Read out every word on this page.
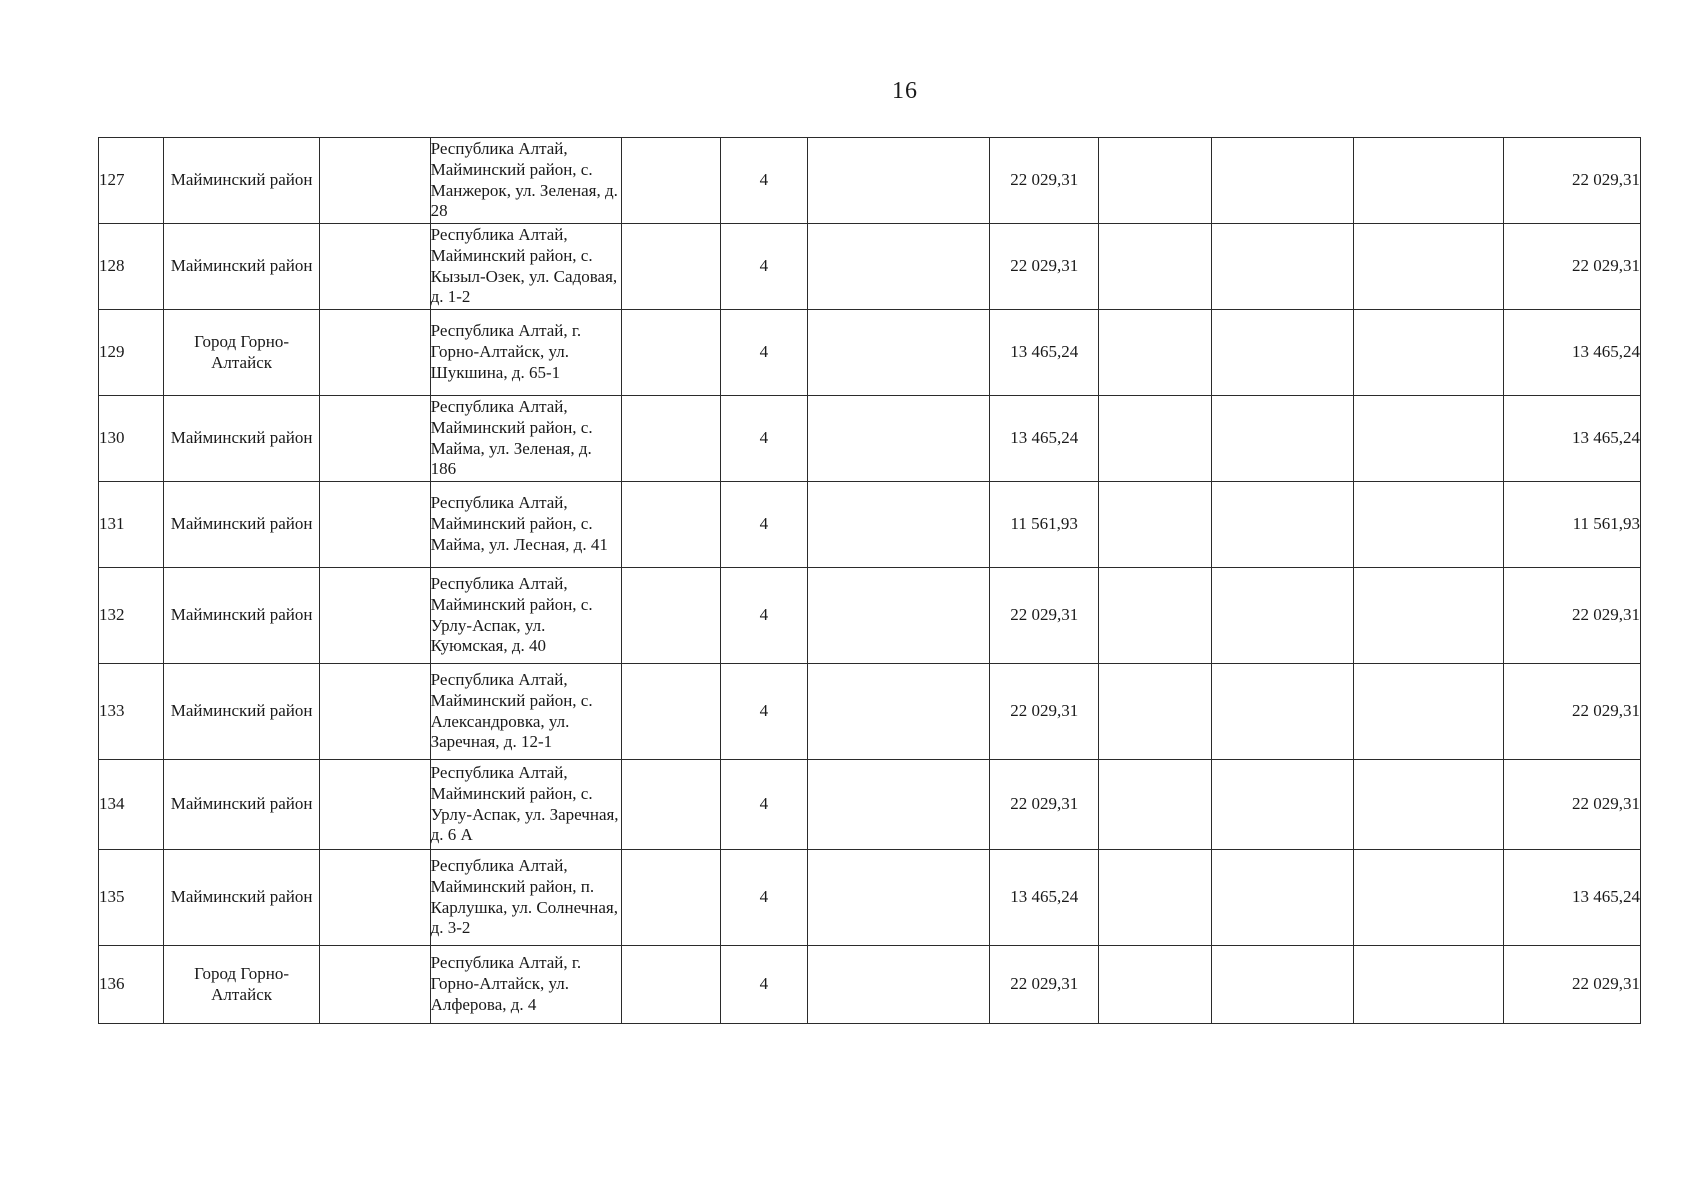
16
127	Майминский район		Республика Алтай, Майминский район, с. Манжерок, ул. Зеленая, д. 28		4		22 029,31				22 029,31
128	Майминский район		Республика Алтай, Майминский район, с. Кызыл-Озек, ул. Садовая, д. 1-2		4		22 029,31				22 029,31
129	Город Горно-Алтайск		Республика Алтай, г. Горно-Алтайск, ул. Шукшина, д. 65-1		4		13 465,24				13 465,24
130	Майминский район		Республика Алтай, Майминский район, с. Майма, ул. Зеленая, д. 186		4		13 465,24				13 465,24
131	Майминский район		Республика Алтай, Майминский район, с. Майма, ул. Лесная, д. 41		4		11 561,93				11 561,93
132	Майминский район		Республика Алтай, Майминский район, с. Урлу-Аспак, ул. Куюмская, д. 40		4		22 029,31				22 029,31
133	Майминский район		Республика Алтай, Майминский район, с. Александровка, ул. Заречная, д. 12-1		4		22 029,31				22 029,31
134	Майминский район		Республика Алтай, Майминский район, с. Урлу-Аспак, ул. Заречная, д. 6 А		4		22 029,31				22 029,31
135	Майминский район		Республика Алтай, Майминский район, п. Карлушка, ул. Солнечная, д. 3-2		4		13 465,24				13 465,24
136	Город Горно-Алтайск		Республика Алтай, г. Горно-Алтайск, ул. Алферова, д. 4		4		22 029,31				22 029,31
